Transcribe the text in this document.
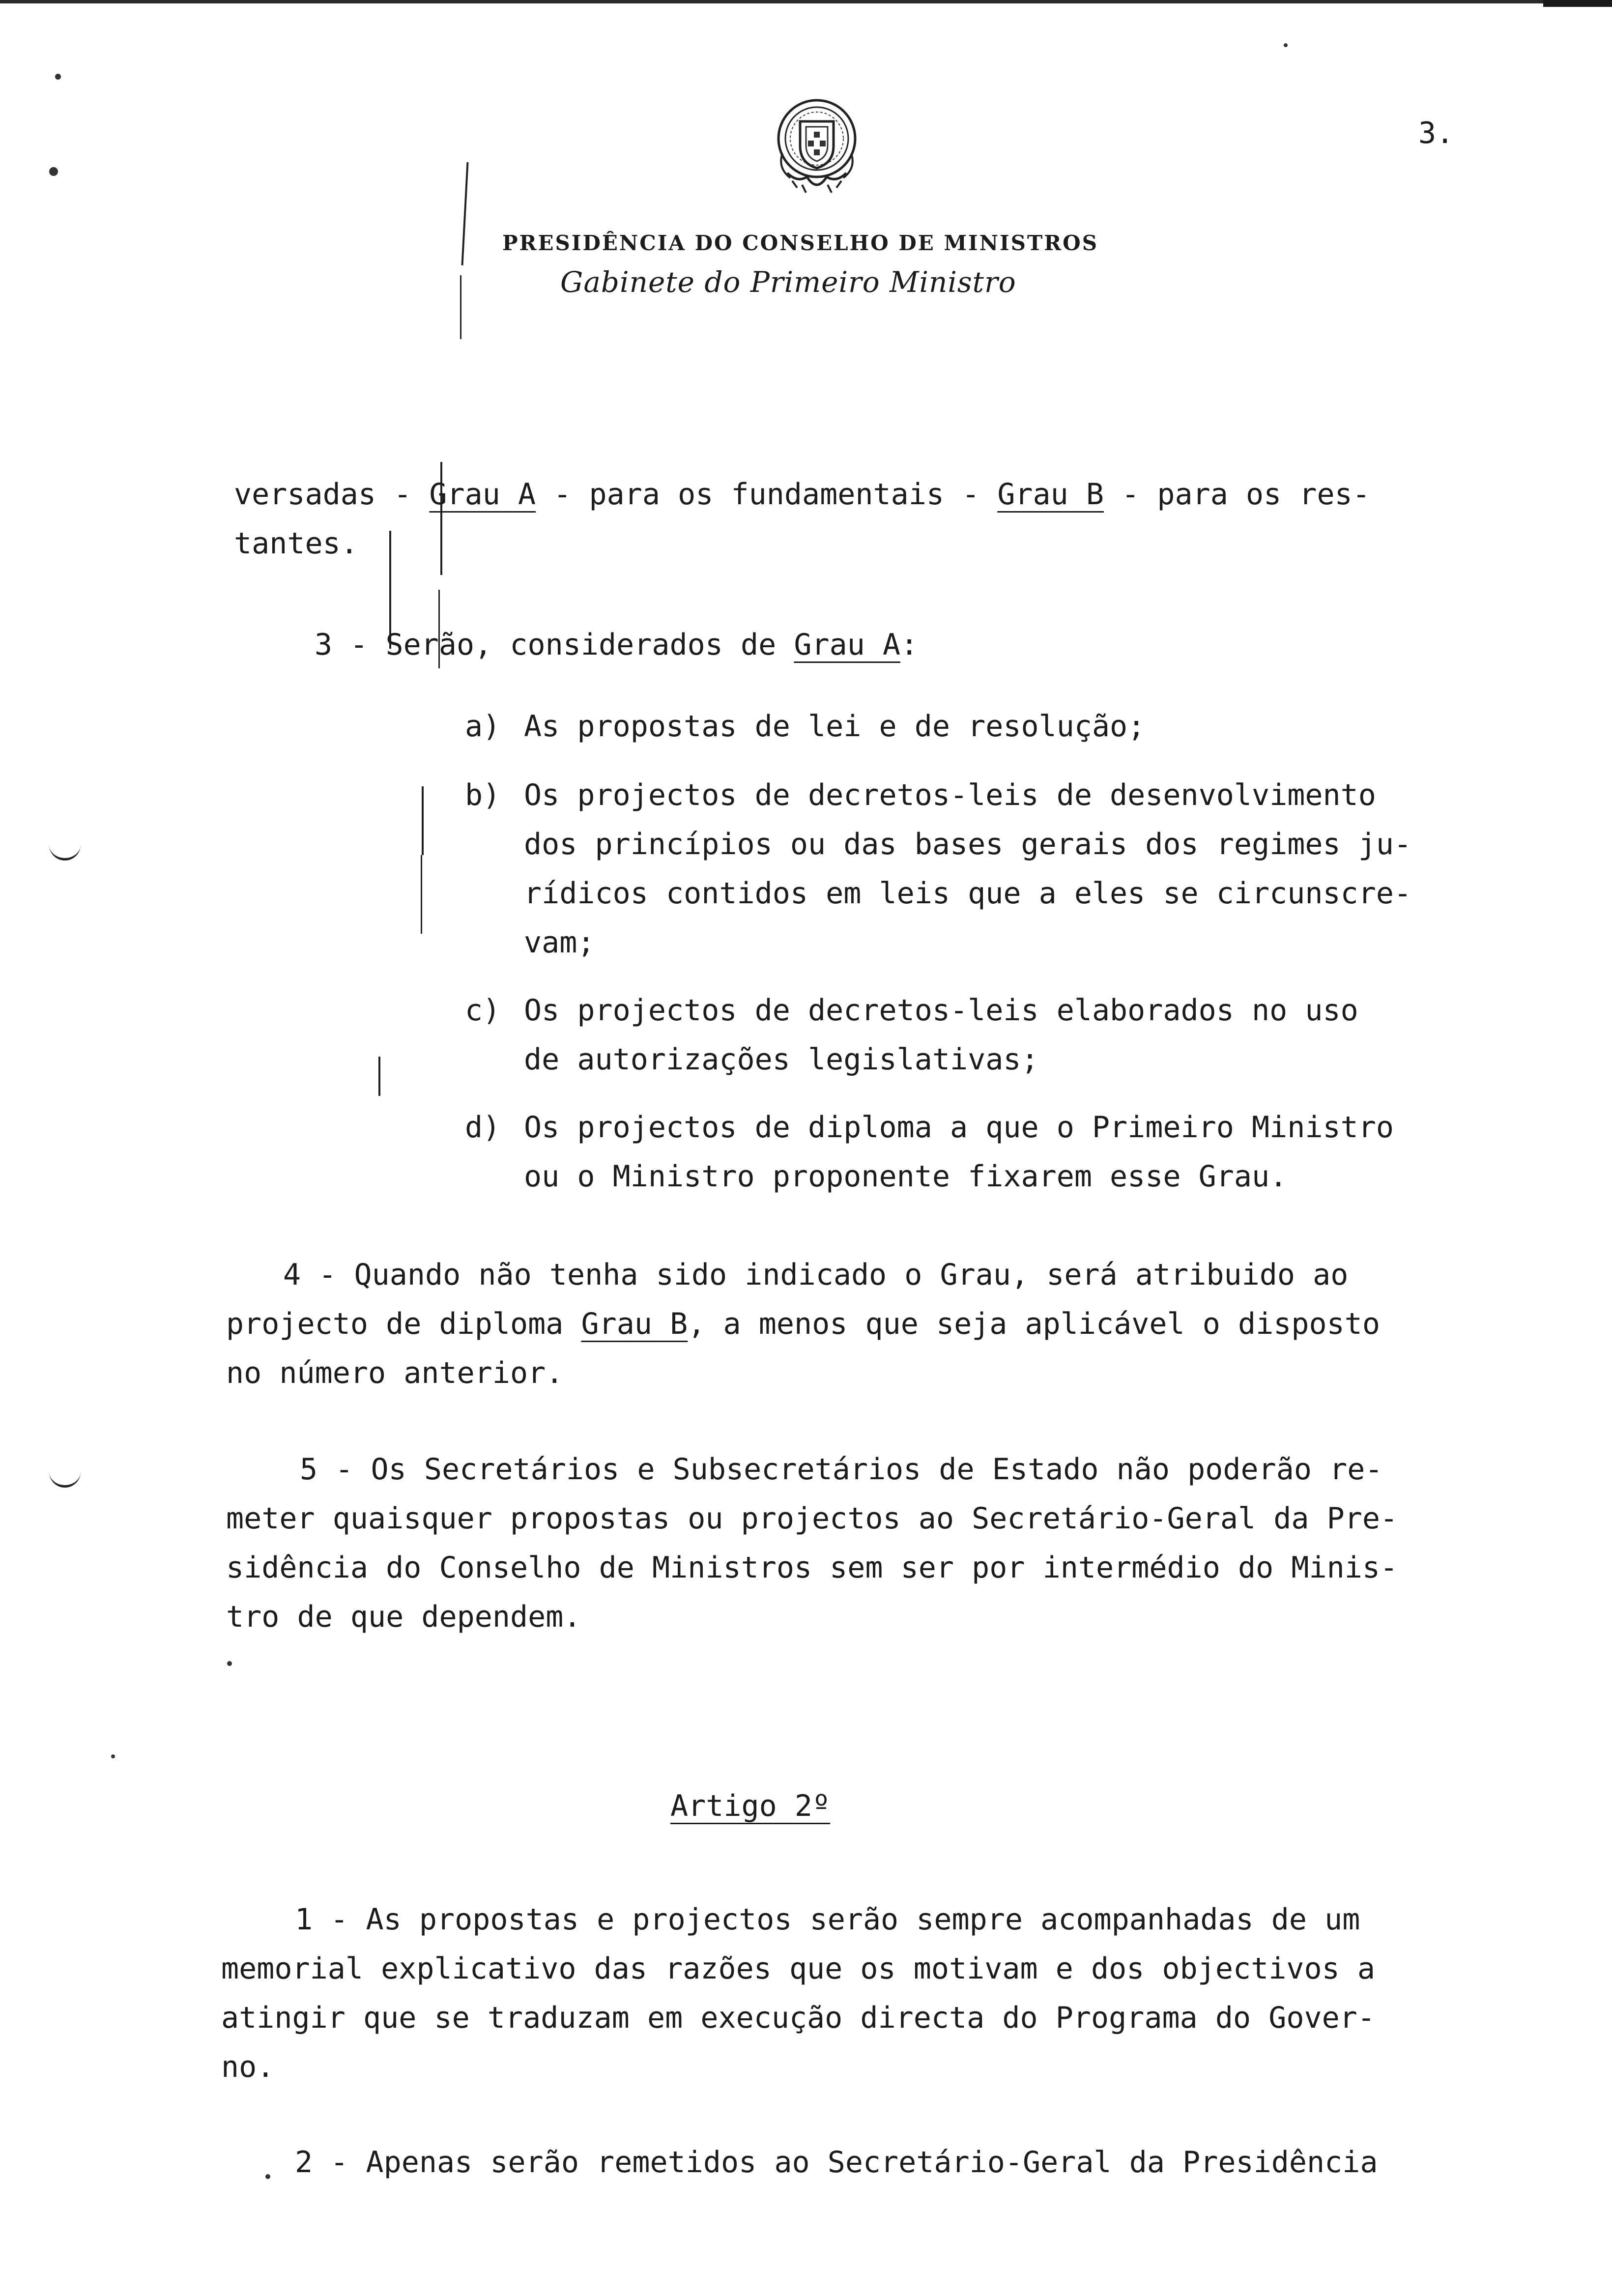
3.
PRESIDÊNCIA DO CONSELHO DE MINISTROS
Gabinete do Primeiro Ministro
versadas - Grau A - para os fundamentais - Grau B - para os res-
tantes.
3 - Serão, considerados de Grau A:
a) As propostas de lei e de resolução;
b) Os projectos de decretos-leis de desenvolvimento
dos princípios ou das bases gerais dos regimes ju-
rídicos contidos em leis que a eles se circunscre-
vam;
c) Os projectos de decretos-leis elaborados no uso
de autorizações legislativas;
d) Os projectos de diploma a que o Primeiro Ministro
ou o Ministro proponente fixarem esse Grau.
4 - Quando não tenha sido indicado o Grau, será atribuido ao
projecto de diploma Grau B, a menos que seja aplicável o disposto
no número anterior.
5 - Os Secretários e Subsecretários de Estado não poderão re-
meter quaisquer propostas ou projectos ao Secretário-Geral da Pre-
sidência do Conselho de Ministros sem ser por intermédio do Minis-
tro de que dependem.
Artigo 2º
1 - As propostas e projectos serão sempre acompanhadas de um
memorial explicativo das razões que os motivam e dos objectivos a
atingir que se traduzam em execução directa do Programa do Gover-
no.
2 - Apenas serão remetidos ao Secretário-Geral da Presidência
